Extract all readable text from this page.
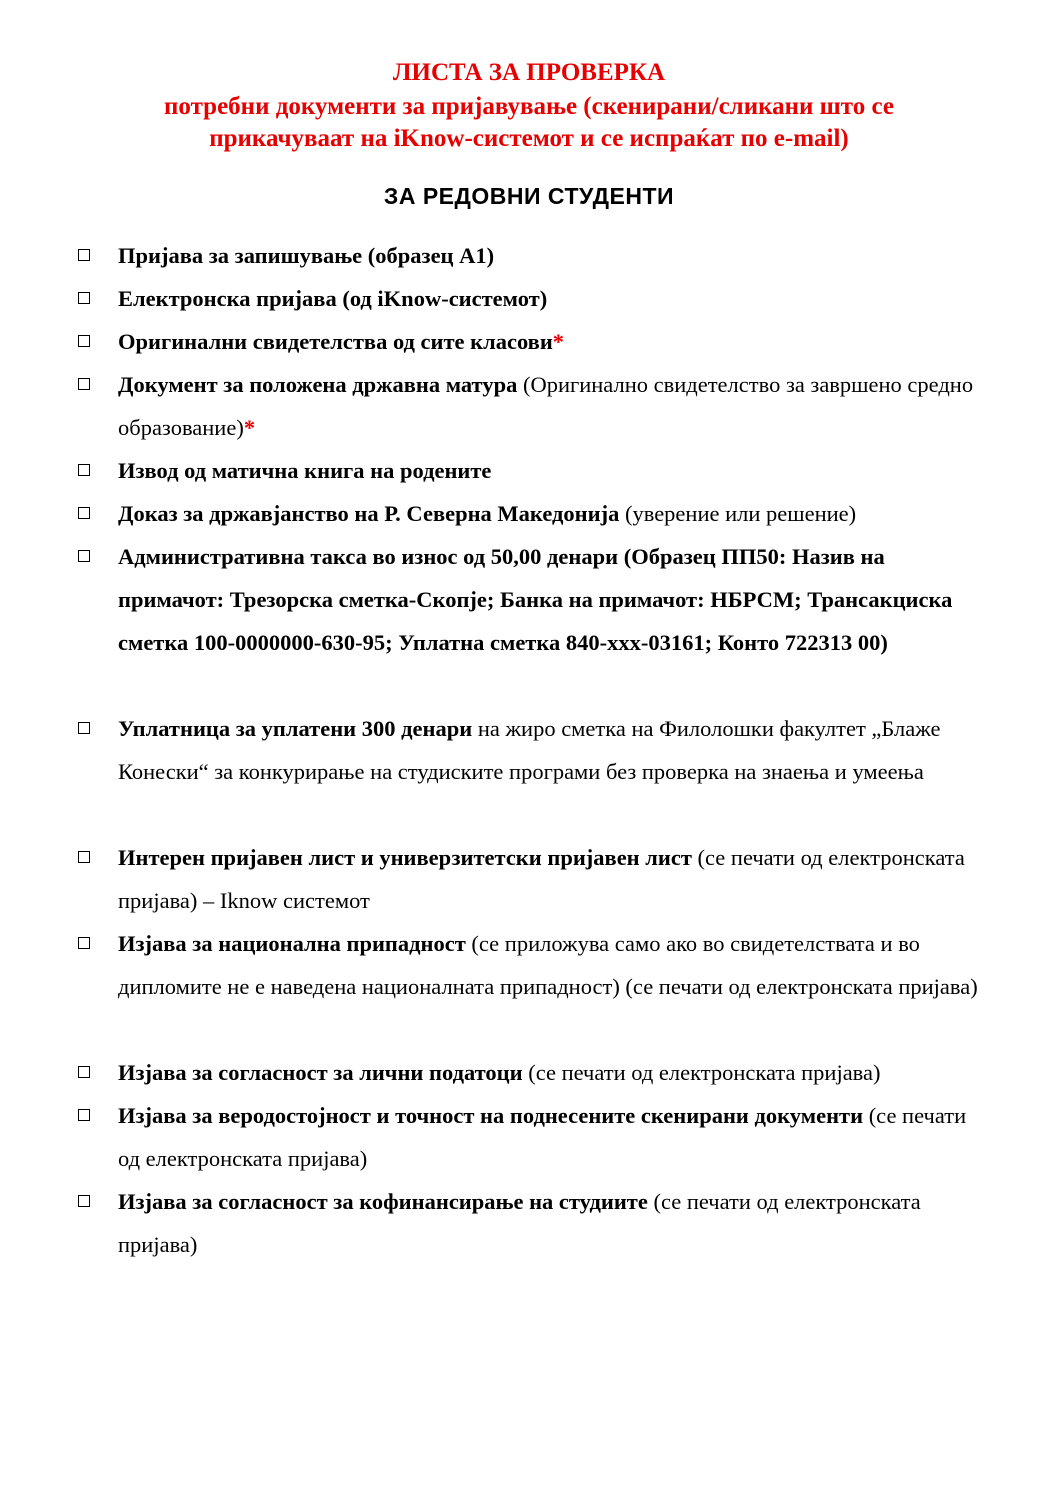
ЛИСТА ЗА ПРОВЕРКА
потребни документи за пријавување (скенирани/сликани што се
прикачуваат на iKnow-системот и се испраќат по e-mail)
ЗА РЕДОВНИ СТУДЕНТИ
Пријава за запишување (образец А1)
Електронска пријава (од iKnow-системот)
Оригинални свидетелства од сите класови*
Документ за положена државна матура (Оригинално свидетелство за завршено средно образование)*
Извод од матична книга на родените
Доказ за државјанство на Р. Северна Македонија (уверение или решение)
Административна такса во износ од 50,00 денари (Образец ПП50: Назив на примачот: Трезорска сметка-Скопје; Банка на примачот: НБРСМ; Трансакциска сметка 100-0000000-630-95; Уплатна сметка 840-ххх-03161; Конто 722313 00)
Уплатница за уплатени 300 денари на жиро сметка на Филолошки факултет „Блаже Конески“ за конкурирање на студиските програми без проверка на знаења и умеења
Интерен пријавен лист и универзитетски пријавен лист (се печати од електронската пријава) – Iknow системот
Изјава за национална припадност (се приложува само ако во свидетелствата и во дипломите не е наведена националната припадност) (се печати од електронската пријава)
Изјава за согласност за лични податоци (се печати од електронската пријава)
Изјава за веродостојност и точност на поднесените скенирани документи (се печати од електронската пријава)
Изјава за согласност за кофинансирање на студиите (се печати од електронската пријава)
